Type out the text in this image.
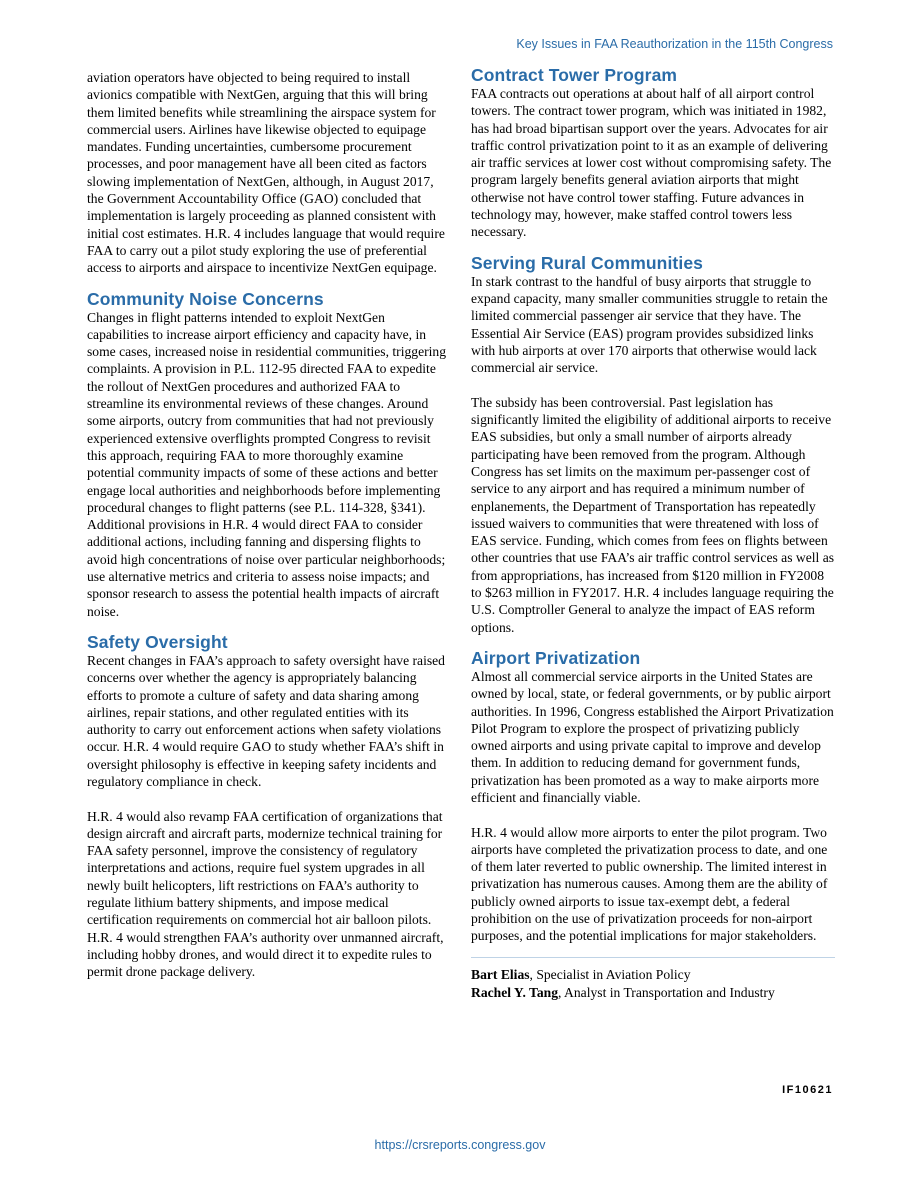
Key Issues in FAA Reauthorization in the 115th Congress

aviation operators have objected to being required to install avionics compatible with NextGen, arguing that this will bring them limited benefits while streamlining the airspace system for commercial users. Airlines have likewise objected to equipage mandates. Funding uncertainties, cumbersome procurement processes, and poor management have all been cited as factors slowing implementation of NextGen, although, in August 2017, the Government Accountability Office (GAO) concluded that implementation is largely proceeding as planned consistent with initial cost estimates. H.R. 4 includes language that would require FAA to carry out a pilot study exploring the use of preferential access to airports and airspace to incentivize NextGen equipage.

Community Noise Concerns

Changes in flight patterns intended to exploit NextGen capabilities to increase airport efficiency and capacity have, in some cases, increased noise in residential communities, triggering complaints. A provision in P.L. 112-95 directed FAA to expedite the rollout of NextGen procedures and authorized FAA to streamline its environmental reviews of these changes. Around some airports, outcry from communities that had not previously experienced extensive overflights prompted Congress to revisit this approach, requiring FAA to more thoroughly examine potential community impacts of some of these actions and better engage local authorities and neighborhoods before implementing procedural changes to flight patterns (see P.L. 114-328, §341). Additional provisions in H.R. 4 would direct FAA to consider additional actions, including fanning and dispersing flights to avoid high concentrations of noise over particular neighborhoods; use alternative metrics and criteria to assess noise impacts; and sponsor research to assess the potential health impacts of aircraft noise.

Safety Oversight

Recent changes in FAA’s approach to safety oversight have raised concerns over whether the agency is appropriately balancing efforts to promote a culture of safety and data sharing among airlines, repair stations, and other regulated entities with its authority to carry out enforcement actions when safety violations occur. H.R. 4 would require GAO to study whether FAA’s shift in oversight philosophy is effective in keeping safety incidents and regulatory compliance in check.

H.R. 4 would also revamp FAA certification of organizations that design aircraft and aircraft parts, modernize technical training for FAA safety personnel, improve the consistency of regulatory interpretations and actions, require fuel system upgrades in all newly built helicopters, lift restrictions on FAA’s authority to regulate lithium battery shipments, and impose medical certification requirements on commercial hot air balloon pilots. H.R. 4 would strengthen FAA’s authority over unmanned aircraft, including hobby drones, and would direct it to expedite rules to permit drone package delivery.

Contract Tower Program

FAA contracts out operations at about half of all airport control towers. The contract tower program, which was initiated in 1982, has had broad bipartisan support over the years. Advocates for air traffic control privatization point to it as an example of delivering air traffic services at lower cost without compromising safety. The program largely benefits general aviation airports that might otherwise not have control tower staffing. Future advances in technology may, however, make staffed control towers less necessary.

Serving Rural Communities

In stark contrast to the handful of busy airports that struggle to expand capacity, many smaller communities struggle to retain the limited commercial passenger air service that they have. The Essential Air Service (EAS) program provides subsidized links with hub airports at over 170 airports that otherwise would lack commercial air service.

The subsidy has been controversial. Past legislation has significantly limited the eligibility of additional airports to receive EAS subsidies, but only a small number of airports already participating have been removed from the program. Although Congress has set limits on the maximum per-passenger cost of service to any airport and has required a minimum number of enplanements, the Department of Transportation has repeatedly issued waivers to communities that were threatened with loss of EAS service. Funding, which comes from fees on flights between other countries that use FAA’s air traffic control services as well as from appropriations, has increased from $120 million in FY2008 to $263 million in FY2017. H.R. 4 includes language requiring the U.S. Comptroller General to analyze the impact of EAS reform options.

Airport Privatization

Almost all commercial service airports in the United States are owned by local, state, or federal governments, or by public airport authorities. In 1996, Congress established the Airport Privatization Pilot Program to explore the prospect of privatizing publicly owned airports and using private capital to improve and develop them. In addition to reducing demand for government funds, privatization has been promoted as a way to make airports more efficient and financially viable.

H.R. 4 would allow more airports to enter the pilot program. Two airports have completed the privatization process to date, and one of them later reverted to public ownership. The limited interest in privatization has numerous causes. Among them are the ability of publicly owned airports to issue tax-exempt debt, a federal prohibition on the use of privatization proceeds for non-airport purposes, and the potential implications for major stakeholders.

Bart Elias, Specialist in Aviation Policy
Rachel Y. Tang, Analyst in Transportation and Industry
IF10621
https://crsreports.congress.gov
